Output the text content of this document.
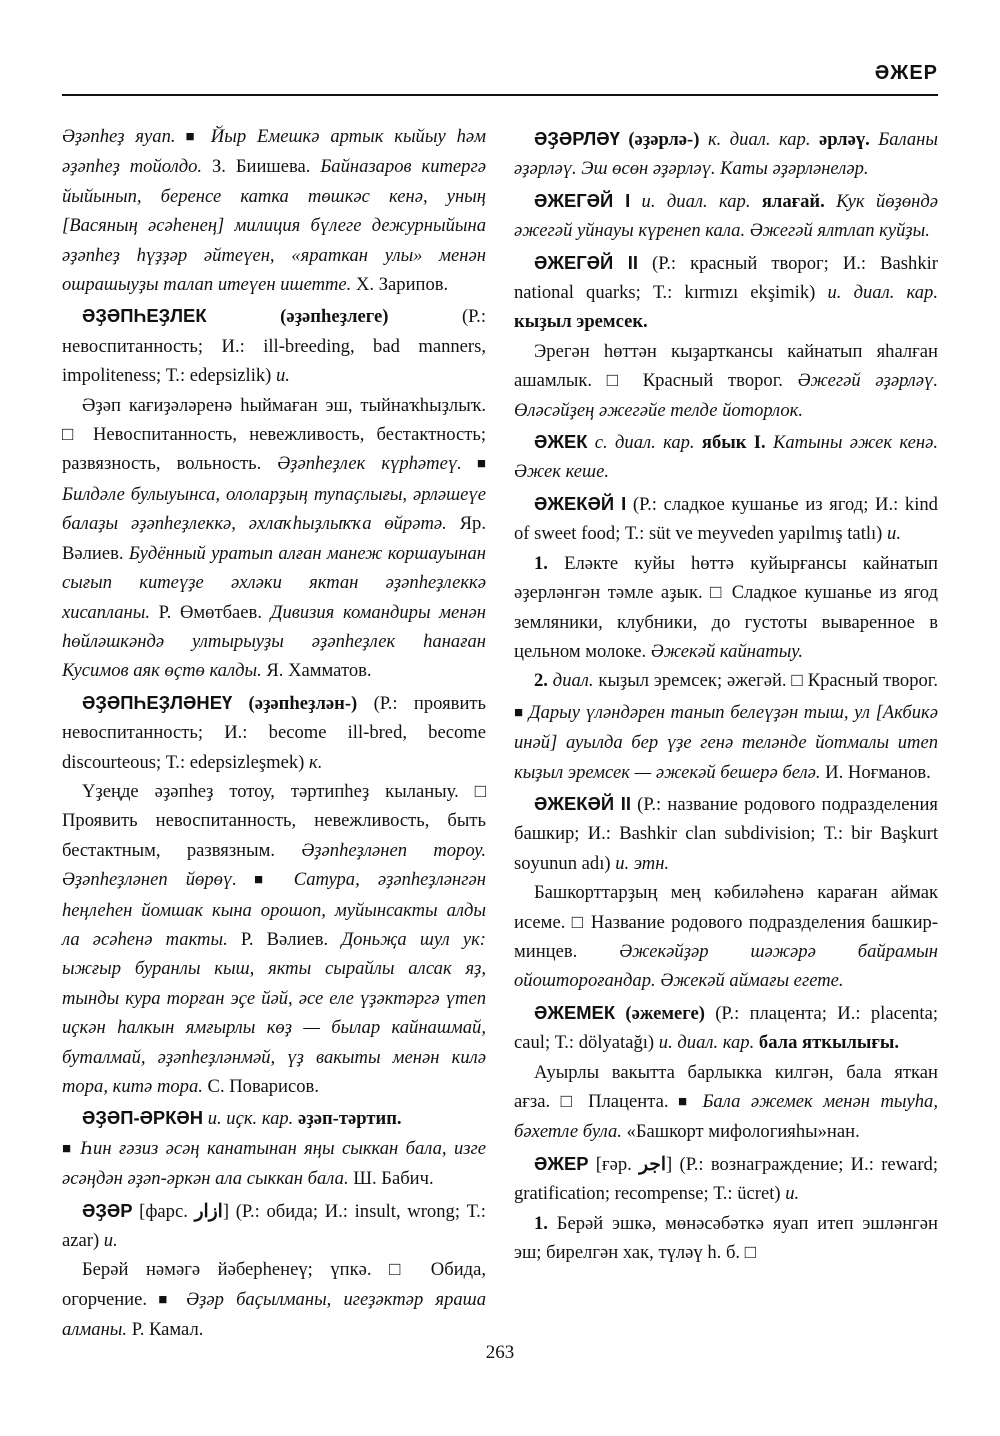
ӘЖЕР

Әҙәпһеҙ яуап. ■ Йыр Емешкә артык кыйыу һәм әҙәпһеҙ тойолдо. З. Биишева. Байназаров китергә йыйынып, беренсе катка төшкәс кенә, уның [Васяның әсәһенең] милиция бүлеге дежурныйына әҙәпһеҙ һүҙҙәр әйтеүен, «яраткан улы» менән ошрашыуҙы талап итеүен ишетте. Х. Зарипов.

ӘҘӘПҺЕҘЛЕК (әҙәпһеҙлеге) (Р.: невоспитанность; И.: ill-breeding, bad manners, impoliteness; Т.: edepsizlik) и.

Әҙәп кағиҙәләренә һыймаған эш, тыйнаҡһыҙлыҡ. □ Невоспитанность, невежливость, бестактность; развязность, вольность. Әҙәпһеҙлек күрһәтеү. ■ Билдәле булыуынса, ололарҙың тупаҫлығы, әрләшеүе балаҙы әҙәпһеҙлеккә, әхлаҡһыҙлыҡҡа өйрәтә. Яр. Вәлиев. Будённый уратып алған манеж коршауынан сығып китеүҙе әхләки яктан әҙәпһеҙлеккә хисапланы. Р. Өмөтбаев. Дивизия командиры менән һөйләшкәндә ултырыуҙы әҙәпһеҙлек һанаған Кусимов аяк өҫтө калды. Я. Хамматов.

ӘҘӘПҺЕҘЛӘНЕҮ (әҙәпһеҙлән-) (Р.: проявить невоспитанность; И.: become ill-bred, become discourteous; Т.: edepsizleşmek) к.

Үҙеңде әҙәпһеҙ тотоу, тәртипһеҙ кыланыу. □ Проявить невоспитанность, невежливость, быть бестактным, развязным. Әҙәпһеҙләнеп тороу. Әҙәпһеҙләнеп йөрөү. ■ Сатура, әҙәпһеҙләнгән һеңлеһен йомшак кына орошоп, муйынсакты алды ла әсәһенә такты. Р. Вәлиев. Доньҗа шул ук: ыжғыр буранлы кыш, якты сырайлы алсак яҙ, тынды кура торған эҫе йәй, әсе еле үҙәктәргә үтеп иҫкән һалкын ямғырлы көҙ — былар кайнашмай, буталмай, әҙәпһеҙләнмәй, үҙ вакыты менән килә тора, китә тора. С. Поварисов.

ӘҘӘП-ӘРКӘН и. иҫк. кар. әҙәп-тәртип.

■ Һин ғәзиз әсәң канатынан яңы сыккан бала, изге әсәңдән әҙәп-әркән ала сыккан бала. Ш. Бабич.

ӘҘӘР [фарс. ازار] (Р.: обида; И.: insult, wrong; Т.: azar) и.

Берәй нәмәгә йәберһенеү; үпкә. □ Обида, огорчение. ■ Әҙәр баҫылманы, игеҙәктәр яраша алманы. Р. Камал.

ӘҘӘРЛӘҮ (әҙәрлә-) к. диал. кар. әрләү. Баланы әҙәрләү. Эш өсөн әҙәрләү. Каты әҙәрләнеләр.

ӘЖЕГӘЙ I и. диал. кар. ялағай. Кук йөҙөндә әжегәй уйнауы күренеп кала. Әжегәй ялтлап куйҙы.

ӘЖЕГӘЙ II (Р.: красный творог; И.: Bashkir national quarks; Т.: kırmızı ekşimik) и. диал. кар. кыҙыл эремсек.

Эрегән һөттән кыҙарткансы кайнатып яһалған ашамлык. □ Красный творог. Әжегәй әҙәрләү. Өләсәйҙең әжегәйе телде йоторлок.

ӘЖЕК с. диал. кар. ябык I. Катыны әжек кенә. Әжек кеше.

ӘЖЕКӘЙ I (Р.: сладкое кушанье из ягод; И.: kind of sweet food; Т.: süt ve meyveden yapılmış tatlı) и.

1. Еләкте куйы һөттә куйырғансы кайнатып әҙерләнгән тәмле аҙык. □ Сладкое кушанье из ягод земляники, клубники, до густоты вываренное в цельном молоке. Әжекәй кайнатыу.

2. диал. кыҙыл эремсек; әжегәй. □ Красный творог. ■ Дарыу үләндәрен танып белеүҙән тыш, ул [Акбикә инәй] ауылда бер үҙе генә теләнде йотмалы итеп кыҙыл эремсек — әжекәй бешерә белә. И. Ноғманов.

ӘЖЕКӘЙ II (Р.: название родового подразделения башкир; И.: Bashkir clan subdivision; Т.: bir Başkurt soyunun adı) и. этн.

Башкорттарҙың мең кәбиләһенә караған аймак исеме. □ Название родового подразделения башкир-минцев. Әжекәйҙәр шәжәрә байрамын ойоштороғандар. Әжекәй аймағы егете.

ӘЖЕМЕК (әжемеге) (Р.: плацента; И.: placenta; caul; Т.: dölyatağı) и. диал. кар. бала яткылығы.

Ауырлы вакытта барлыкка килгән, бала яткан ағза. □ Плацента. ■ Бала әжемек менән тыуһа, бәхетле була. «Башкорт мифологияһы»нан.

ӘЖЕР [ғәр. اجر] (Р.: вознаграждение; И.: reward; gratification; recompense; Т.: ücret) и.

1. Берәй эшкә, мөнәсәбәткә яуап итеп эшләнгән эш; бирелгән хак, түләү һ. б. □

263
